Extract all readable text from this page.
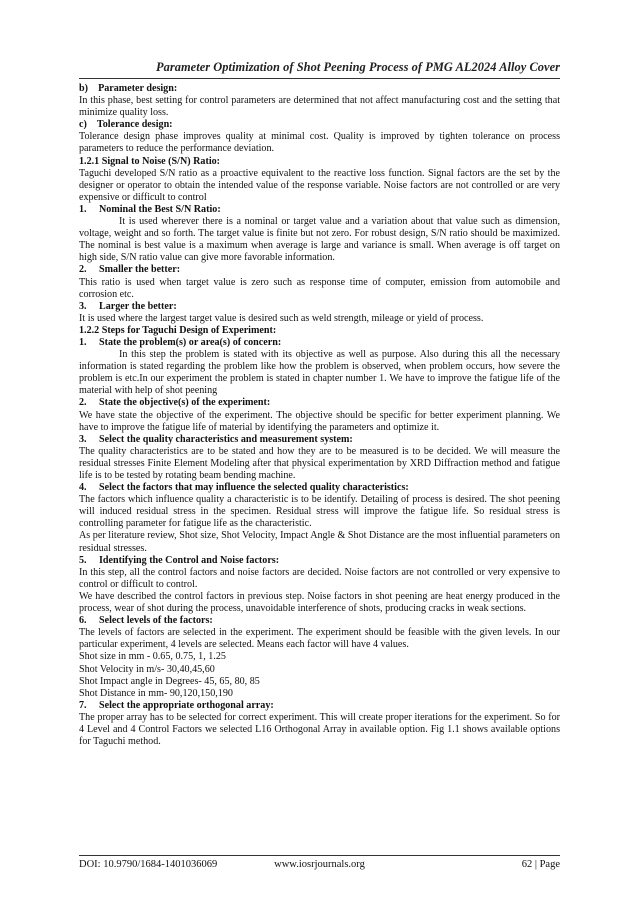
Parameter Optimization of Shot Peening Process of PMG AL2024 Alloy Cover
b)    Parameter design:
In this phase, best setting for control parameters are determined that not affect manufacturing cost and the setting that minimize quality loss.
c)    Tolerance design:
Tolerance design phase improves quality at minimal cost. Quality is improved by tighten tolerance on process parameters to reduce the performance deviation.
1.2.1 Signal to Noise (S/N) Ratio:
Taguchi developed S/N ratio as a proactive equivalent to the reactive loss function. Signal factors are the set by the designer or operator to obtain the intended value of the response variable. Noise factors are not controlled or are very expensive or difficult to control
1. Nominal the Best S/N Ratio:
It is used wherever there is a nominal or target value and a variation about that value such as dimension, voltage, weight and so forth. The target value is finite but not zero. For robust design, S/N ratio should be maximized. The nominal is best value is a maximum when average is large and variance is small. When average is off target on high side, S/N ratio value can give more favorable information.
2. Smaller the better:
This ratio is used when target value is zero such as response time of computer, emission from automobile and corrosion etc.
3. Larger the better:
It is used where the largest target value is desired such as weld strength, mileage or yield of process.
1.2.2 Steps for Taguchi Design of Experiment:
1. State the problem(s) or area(s) of concern:
In this step the problem is stated with its objective as well as purpose. Also during this all the necessary information is stated regarding the problem like how the problem is observed, when problem occurs, how severe the problem is etc.In our experiment the problem is stated in chapter number 1. We have to improve the fatigue life of the material with help of shot peening
2. State the objective(s) of the experiment:
We have state the objective of the experiment. The objective should be specific for better experiment planning. We have to improve the fatigue life of material by identifying the parameters and optimize it.
3. Select the quality characteristics and measurement system:
The quality characteristics are to be stated and how they are to be measured is to be decided. We will measure the residual stresses Finite Element Modeling after that physical experimentation by XRD Diffraction method and fatigue life is to be tested by rotating beam bending machine.
4. Select the factors that may influence the selected quality characteristics:
The factors which influence quality a characteristic is to be identify. Detailing of process is desired. The shot peening will induced residual stress in the specimen. Residual stress will improve the fatigue life. So residual stress is controlling parameter for fatigue life as the characteristic.
As per literature review, Shot size, Shot Velocity, Impact Angle & Shot Distance are the most influential parameters on residual stresses.
5. Identifying the Control and Noise factors:
In this step, all the control factors and noise factors are decided. Noise factors are not controlled or very expensive to control or difficult to control.
We have described the control factors in previous step. Noise factors in shot peening are heat energy produced in the process, wear of shot during the process, unavoidable interference of shots, producing cracks in weak sections.
6. Select levels of the factors:
The levels of factors are selected in the experiment. The experiment should be feasible with the given levels. In our particular experiment, 4 levels are selected. Means each factor will have 4 values.
Shot size in mm - 0.65, 0.75, 1, 1.25
Shot Velocity in m/s- 30,40,45,60
Shot Impact angle in Degrees- 45, 65, 80, 85
Shot Distance in mm- 90,120,150,190
7. Select the appropriate orthogonal array:
The proper array has to be selected for correct experiment. This will create proper iterations for the experiment. So for 4 Level and 4 Control Factors we selected L16 Orthogonal Array in available option. Fig 1.1 shows available options for Taguchi method.
DOI: 10.9790/1684-1401036069	www.iosrjournals.org	62 | Page
